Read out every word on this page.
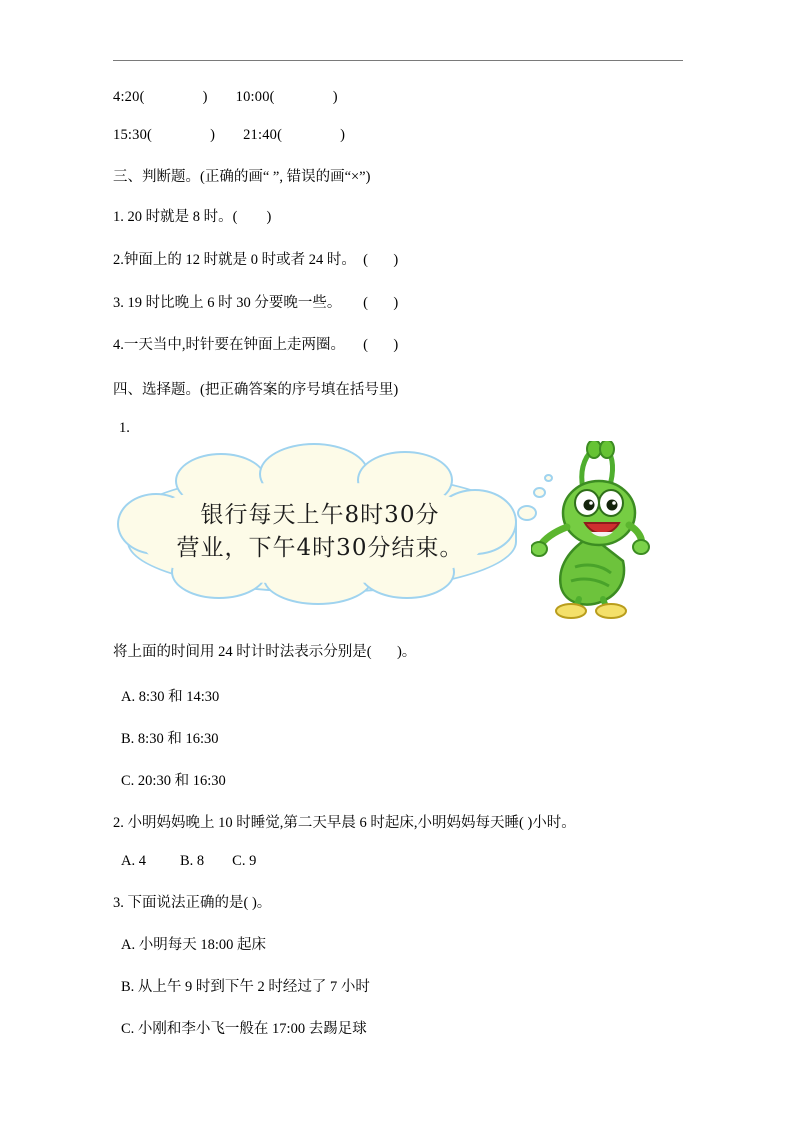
4:20(	) 10:00(	)
15:30(	) 21:40(	)
三、判断题。(正确的画“ ”, 错误的画“×”)
1. 20 时就是 8 时。(        )
2.钟面上的 12 时就是 0 时或者 24 时。  (       )
3. 19 时比晚上 6 时 30 分要晚一些。      (       )
4.一天当中,时针要在钟面上走两圈。     (       )
四、选择题。(把正确答案的序号填在括号里)
1.
银行每天上午8时30分
营业，下午4时30分结束。
将上面的时间用 24 时计时法表示分别是(       )。
A. 8:30 和 14:30
B. 8:30 和 16:30
C. 20:30 和 16:30
2. 小明妈妈晚上 10 时睡觉,第二天早晨 6 时起床,小明妈妈每天睡( )小时。
A. 4 B. 8 C. 9
3. 下面说法正确的是( )。
A. 小明每天 18:00 起床
B. 从上午 9 时到下午 2 时经过了 7 小时
C. 小刚和李小飞一般在 17:00 去踢足球
